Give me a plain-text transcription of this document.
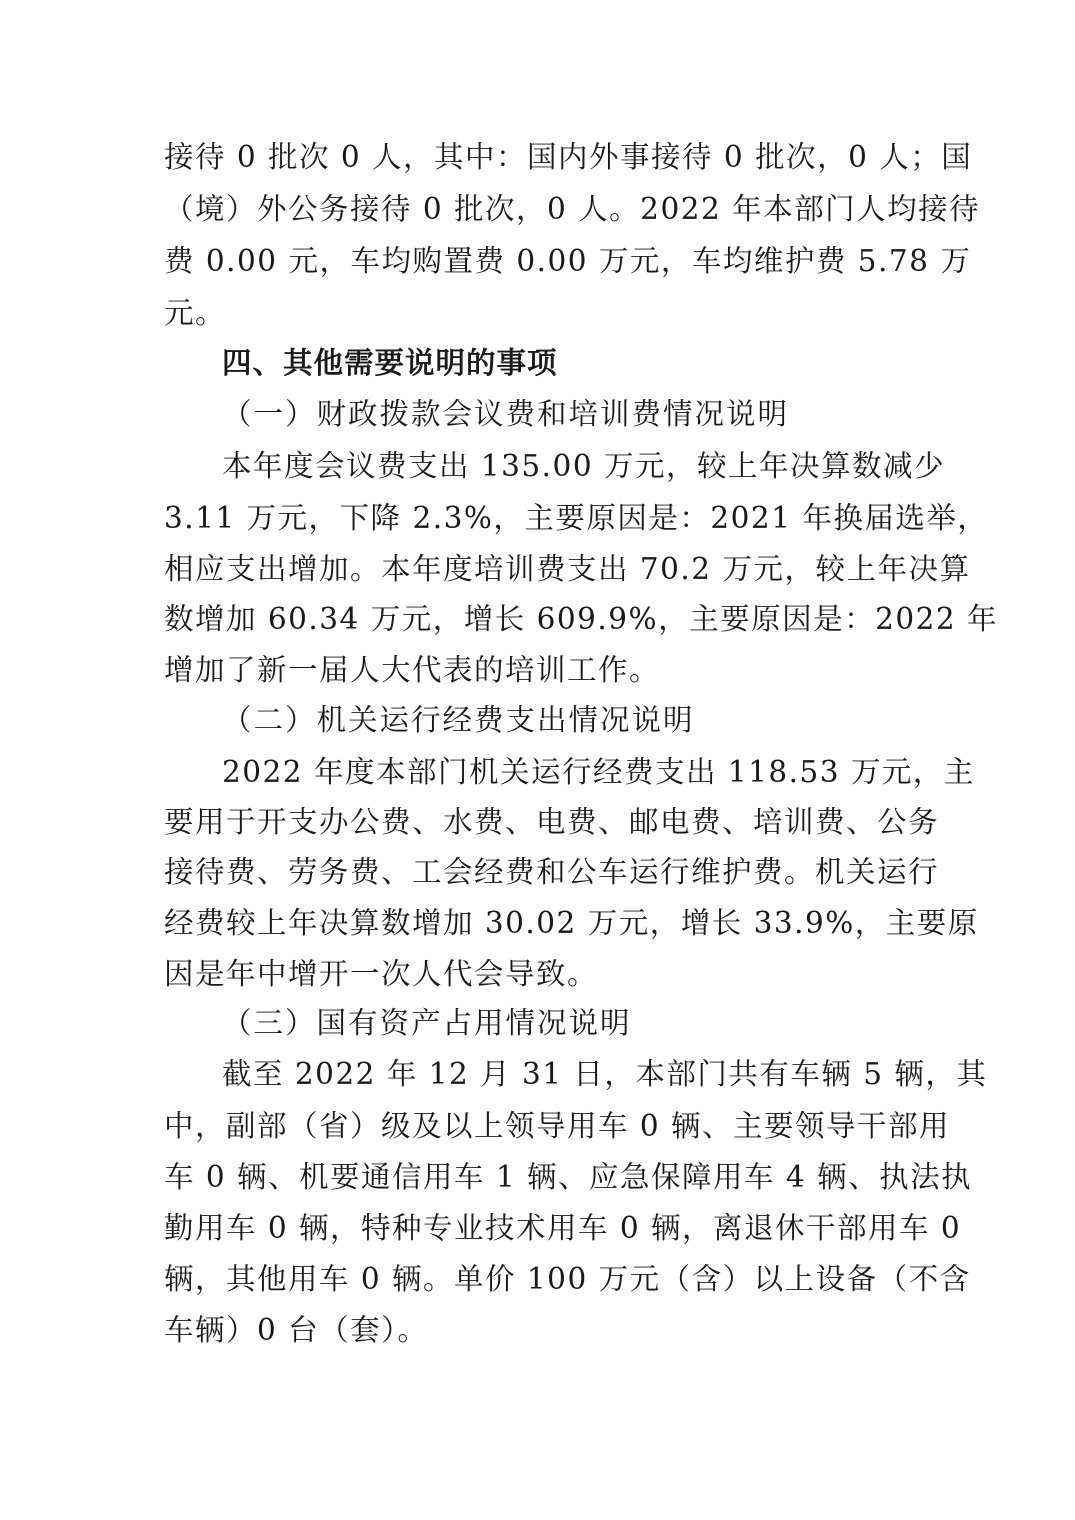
接待 0 批次 0 人，其中：国内外事接待 0 批次，0 人；国

（境）外公务接待 0 批次，0 人。2022 年本部门人均接待

费 0.00 元，车均购置费 0.00 万元，车均维护费 5.78 万

元。

四、其他需要说明的事项

（一）财政拨款会议费和培训费情况说明

本年度会议费支出 135.00 万元，较上年决算数减少

3.11 万元，下降 2.3%，主要原因是：2021 年换届选举，

相应支出增加。本年度培训费支出 70.2 万元，较上年决算

数增加 60.34 万元，增长 609.9%，主要原因是：2022 年

增加了新一届人大代表的培训工作。

（二）机关运行经费支出情况说明

2022 年度本部门机关运行经费支出 118.53 万元，主

要用于开支办公费、水费、电费、邮电费、培训费、公务

接待费、劳务费、工会经费和公车运行维护费。机关运行

经费较上年决算数增加 30.02 万元，增长 33.9%，主要原

因是年中增开一次人代会导致。

（三）国有资产占用情况说明

截至 2022 年 12 月 31 日，本部门共有车辆 5 辆，其

中，副部（省）级及以上领导用车 0 辆、主要领导干部用

车 0 辆、机要通信用车 1 辆、应急保障用车 4 辆、执法执

勤用车 0 辆，特种专业技术用车 0 辆，离退休干部用车 0

辆，其他用车 0 辆。单价 100 万元（含）以上设备（不含

车辆）0 台（套）。
